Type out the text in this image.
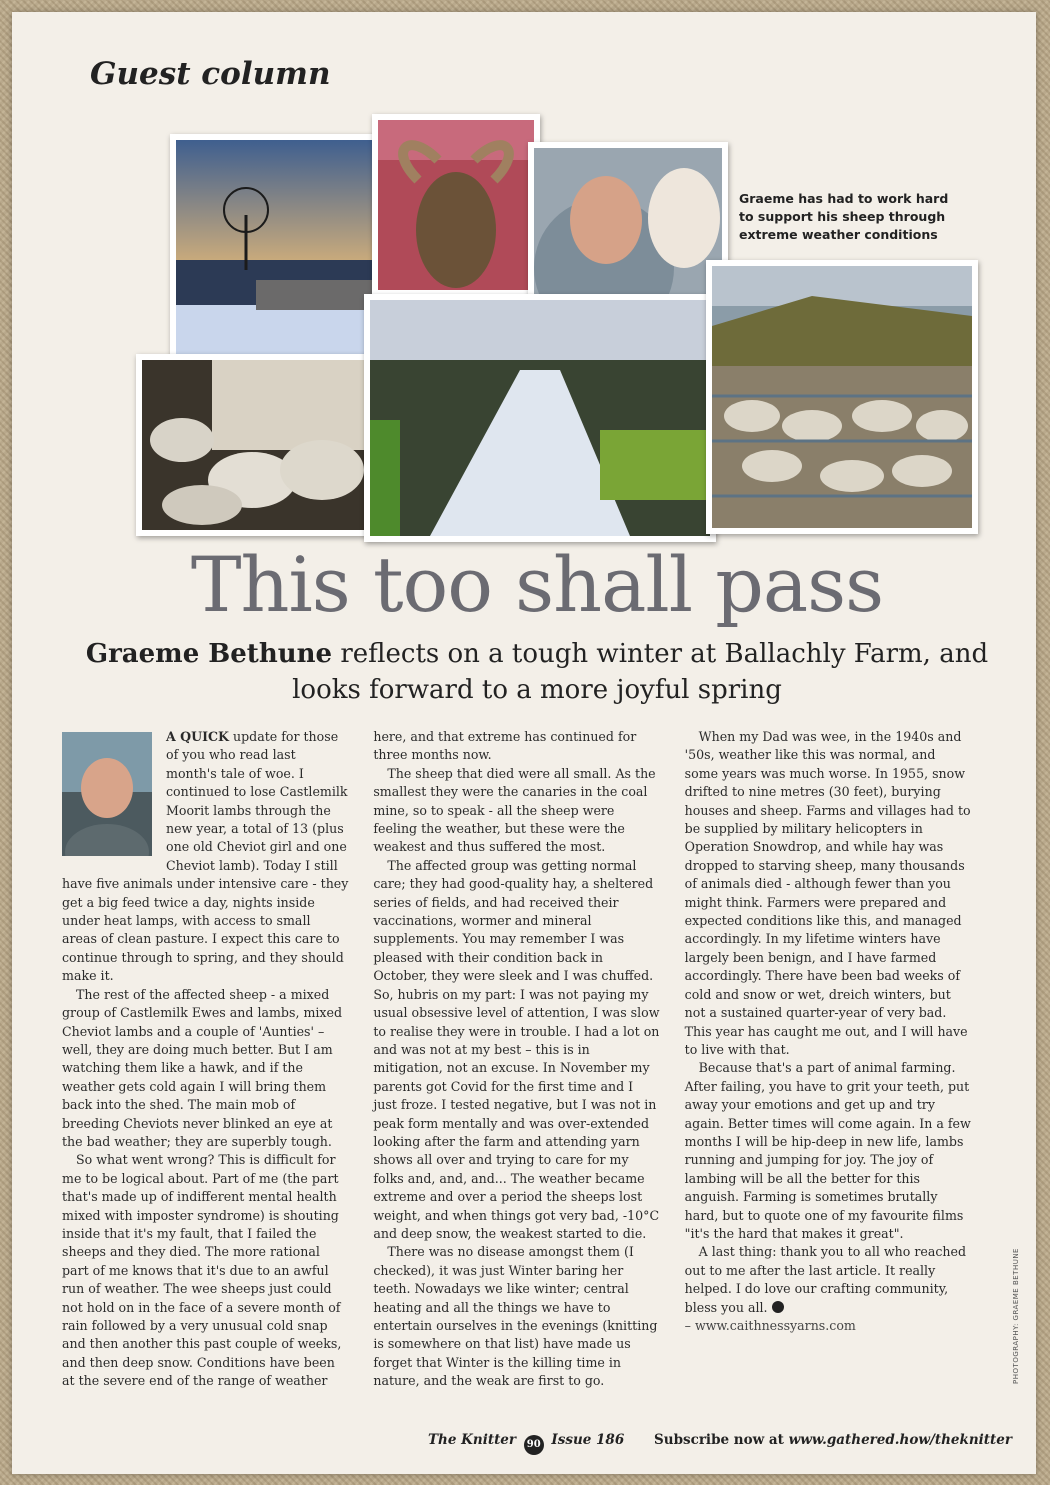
Guest column
Graeme has had to work hard to support his sheep through extreme weather conditions
This too shall pass

Graeme Bethune reflects on a tough winter at Ballachly Farm, and looks forward to a more joyful spring

A QUICK update for those of you who read last month's tale of woe. I continued to lose Castlemilk Moorit lambs through the new year, a total of 13 (plus one old Cheviot girl and one Cheviot lamb). Today I still have five animals under intensive care - they get a big feed twice a day, nights inside under heat lamps, with access to small areas of clean pasture. I expect this care to continue through to spring, and they should make it.

The rest of the affected sheep - a mixed group of Castlemilk Ewes and lambs, mixed Cheviot lambs and a couple of 'Aunties' – well, they are doing much better. But I am watching them like a hawk, and if the weather gets cold again I will bring them back into the shed. The main mob of breeding Cheviots never blinked an eye at the bad weather; they are superbly tough.

So what went wrong? This is difficult for me to be logical about. Part of me (the part that's made up of indifferent mental health mixed with imposter syndrome) is shouting inside that it's my fault, that I failed the sheeps and they died. The more rational part of me knows that it's due to an awful run of weather. The wee sheeps just could not hold on in the face of a severe month of rain followed by a very unusual cold snap and then another this past couple of weeks, and then deep snow. Conditions have been at the severe end of the range of weather here, and that extreme has continued for three months now.

The sheep that died were all small. As the smallest they were the canaries in the coal mine, so to speak - all the sheep were feeling the weather, but these were the weakest and thus suffered the most.

The affected group was getting normal care; they had good-quality hay, a sheltered series of fields, and had received their vaccinations, wormer and mineral supplements. You may remember I was pleased with their condition back in October, they were sleek and I was chuffed. So, hubris on my part: I was not paying my usual obsessive level of attention, I was slow to realise they were in trouble. I had a lot on and was not at my best – this is in mitigation, not an excuse. In November my parents got Covid for the first time and I just froze. I tested negative, but I was not in peak form mentally and was over-extended looking after the farm and attending yarn shows all over and trying to care for my folks and, and, and... The weather became extreme and over a period the sheeps lost weight, and when things got very bad, -10°C and deep snow, the weakest started to die.

There was no disease amongst them (I checked), it was just Winter baring her teeth. Nowadays we like winter; central heating and all the things we have to entertain ourselves in the evenings (knitting is somewhere on that list) have made us forget that Winter is the killing time in nature, and the weak are first to go.

When my Dad was wee, in the 1940s and '50s, weather like this was normal, and some years was much worse. In 1955, snow drifted to nine metres (30 feet), burying houses and sheep. Farms and villages had to be supplied by military helicopters in Operation Snowdrop, and while hay was dropped to starving sheep, many thousands of animals died - although fewer than you might think. Farmers were prepared and expected conditions like this, and managed accordingly. In my lifetime winters have largely been benign, and I have farmed accordingly. There have been bad weeks of cold and snow or wet, dreich winters, but not a sustained quarter-year of very bad. This year has caught me out, and I will have to live with that.

Because that's a part of animal farming. After failing, you have to grit your teeth, put away your emotions and get up and try again. Better times will come again. In a few months I will be hip-deep in new life, lambs running and jumping for joy. The joy of lambing will be all the better for this anguish. Farming is sometimes brutally hard, but to quote one of my favourite films "it's the hard that makes it great".

A last thing: thank you to all who reached out to me after the last article. It really helped. I do love our crafting community, bless you all.

– www.caithnessyarns.com	PHOTOGRAPHY: GRAEME BETHUNE
The Knitter 90 Issue 186 Subscribe now at www.gathered.how/theknitter
